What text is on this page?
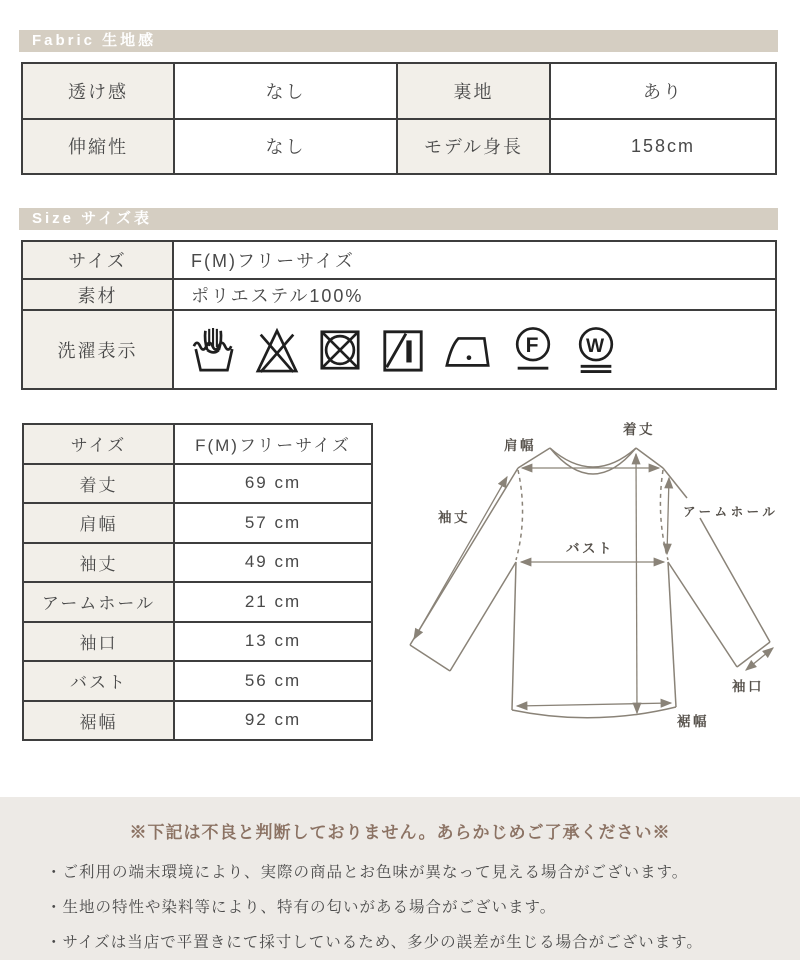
Fabric 生地感
透け感	なし	裏地	あり
伸縮性	なし	モデル身長	158cm
Size サイズ表
サイズ	F(M)フリーサイズ
素材	ポリエステル100%
洗濯表示	F W
サイズ	F(M)フリーサイズ
着丈	69 cm
肩幅	57 cm
袖丈	49 cm
アームホール	21 cm
袖口	13 cm
バスト	56 cm
裾幅	92 cm
肩幅
着丈
袖丈	アームホール
バスト
袖口
裾幅

※下記は不良と判断しておりません。あらかじめご了承ください※

・ご利用の端末環境により、実際の商品とお色味が異なって見える場合がございます。

・生地の特性や染料等により、特有の匂いがある場合がございます。

・サイズは当店で平置きにて採寸しているため、多少の誤差が生じる場合がございます。
